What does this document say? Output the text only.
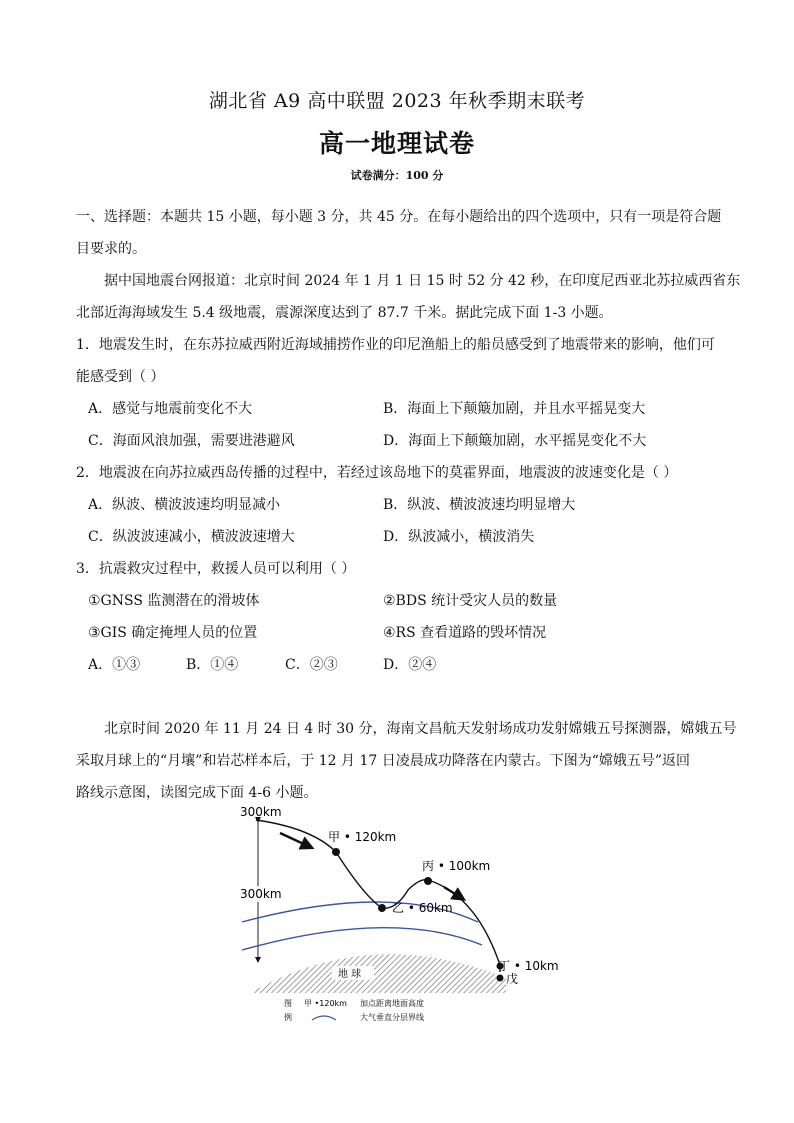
湖北省 A9 高中联盟 2023 年秋季期末联考
高一地理试卷
试卷满分：100 分
一、选择题：本题共 15 小题，每小题 3 分，共 45 分。在每小题给出的四个选项中，只有一项是符合题
目要求的。
据中国地震台网报道：北京时间 2024 年 1 月 1 日 15 时 52 分 42 秒，在印度尼西亚北苏拉威西省东
北部近海海域发生 5.4 级地震，震源深度达到了 87.7 千米。据此完成下面 1-3 小题。
1．地震发生时，在东苏拉威西附近海域捕捞作业的印尼渔船上的船员感受到了地震带来的影响，他们可
能感受到（ ）
A．感觉与地震前变化不大	B．海面上下颠簸加剧，并且水平摇晃变大
C．海面风浪加强，需要进港避风	D．海面上下颠簸加剧，水平摇晃变化不大
2．地震波在向苏拉威西岛传播的过程中，若经过该岛地下的莫霍界面，地震波的波速变化是（ ）
A．纵波、横波波速均明显减小	B．纵波、横波波速均明显增大
C．纵波波速减小，横波波速增大	D．纵波减小，横波消失
3．抗震救灾过程中，救援人员可以利用（ ）
①GNSS 监测潜在的滑坡体	②BDS 统计受灾人员的数量
③GIS 确定掩埋人员的位置	④RS 查看道路的毁坏情况
A．①③	B．①④	C．②③	D．②④
北京时间 2020 年 11 月 24 日 4 时 30 分，海南文昌航天发射场成功发射嫦娥五号探测器，嫦娥五号
采取月球上的“月壤”和岩芯样本后，于 12 月 17 日凌晨成功降落在内蒙古。下图为“嫦娥五号”返回
路线示意图，读图完成下面 4-6 小题。
300km
300km
地 球
甲 • 120km
丙 • 100km
乙 • 60km
丁 • 10km
戊
图
例
甲 •120km 加点距离地面高度
大气垂直分层界线
